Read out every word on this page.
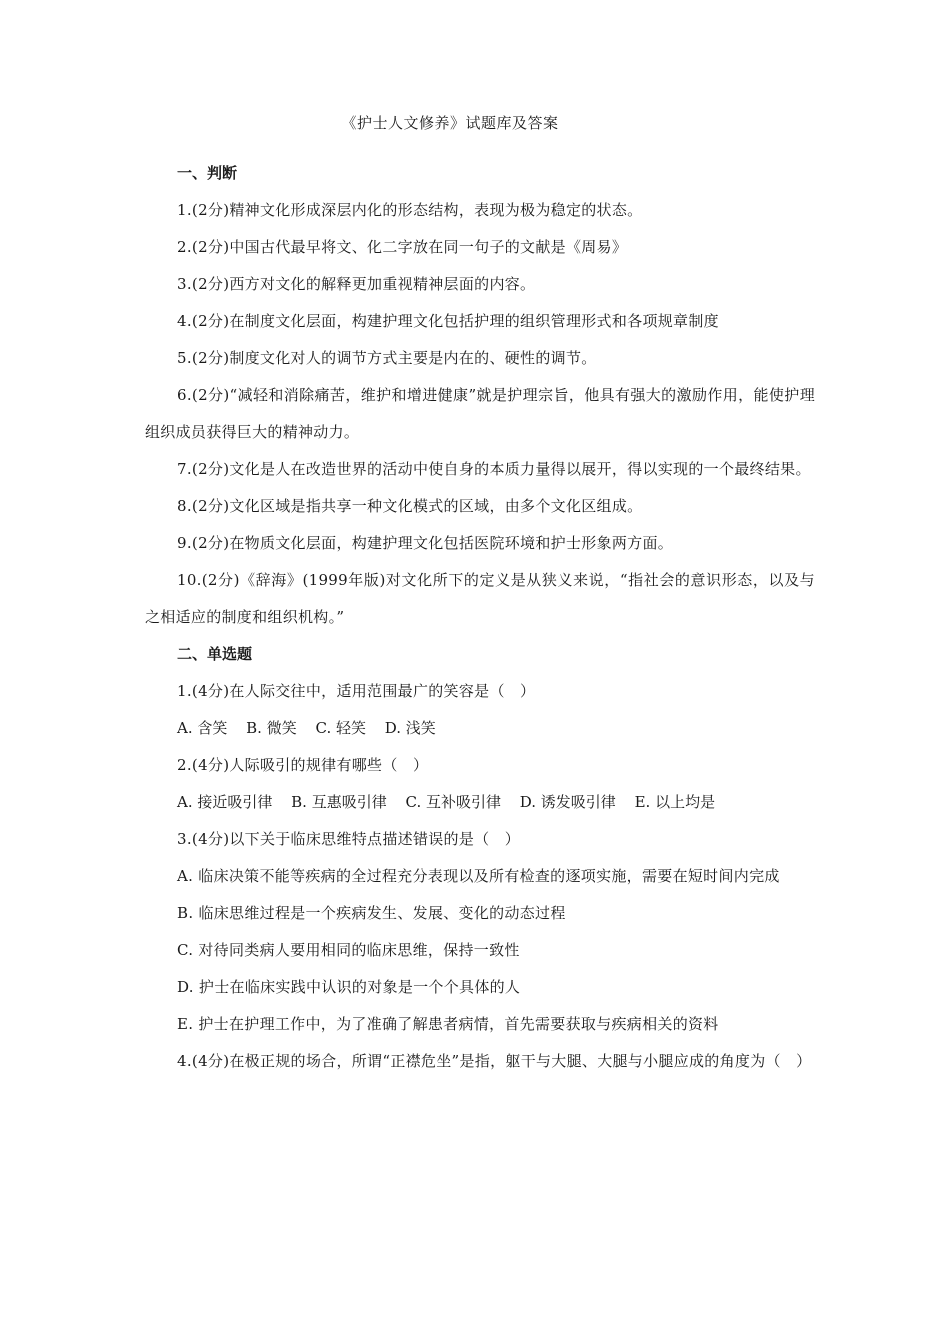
《护士人文修养》试题库及答案

一、判断

1.(2分)精神文化形成深层内化的形态结构，表现为极为稳定的状态。

2.(2分)中国古代最早将文、化二字放在同一句子的文献是《周易》

3.(2分)西方对文化的解释更加重视精神层面的内容。

4.(2分)在制度文化层面，构建护理文化包括护理的组织管理形式和各项规章制度

5.(2分)制度文化对人的调节方式主要是内在的、硬性的调节。

6.(2分)“减轻和消除痛苦，维护和增进健康”就是护理宗旨，他具有强大的激励作用，能使护理组织成员获得巨大的精神动力。

7.(2分)文化是人在改造世界的活动中使自身的本质力量得以展开，得以实现的一个最终结果。

8.(2分)文化区域是指共享一种文化模式的区域，由多个文化区组成。

9.(2分)在物质文化层面，构建护理文化包括医院环境和护士形象两方面。

10.(2分)《辞海》(1999年版)对文化所下的定义是从狭义来说，“指社会的意识形态，以及与之相适应的制度和组织机构。”

二、单选题

1.(4分)在人际交往中，适用范围最广的笑容是（　）

A. 含笑 B. 微笑 C. 轻笑 D. 浅笑

2.(4分)人际吸引的规律有哪些（　）

A. 接近吸引律 B. 互惠吸引律 C. 互补吸引律 D. 诱发吸引律 E. 以上均是

3.(4分)以下关于临床思维特点描述错误的是（　）

A. 临床决策不能等疾病的全过程充分表现以及所有检查的逐项实施，需要在短时间内完成

B. 临床思维过程是一个疾病发生、发展、变化的动态过程

C. 对待同类病人要用相同的临床思维，保持一致性

D. 护士在临床实践中认识的对象是一个个具体的人

E. 护士在护理工作中，为了准确了解患者病情，首先需要获取与疾病相关的资料

4.(4分)在极正规的场合，所谓“正襟危坐”是指，躯干与大腿、大腿与小腿应成的角度为（　）
